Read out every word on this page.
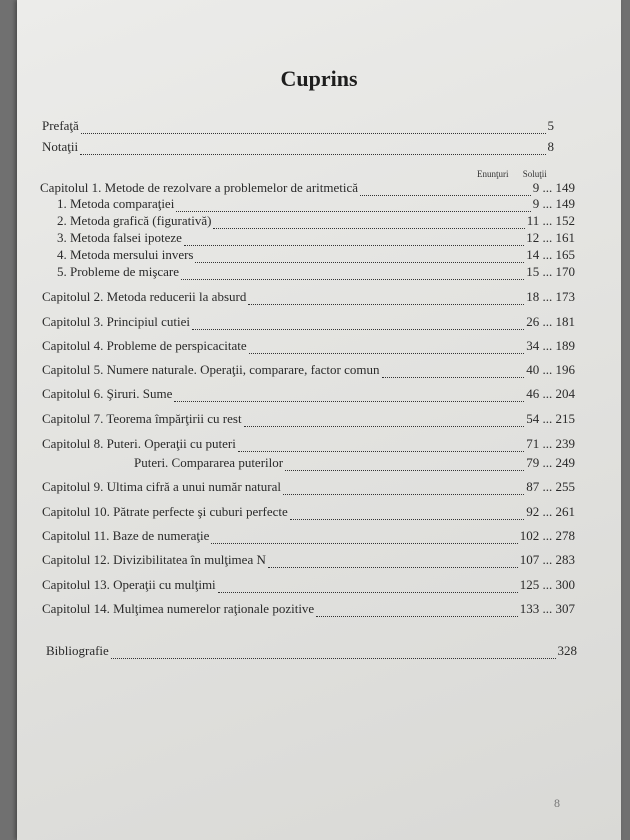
Cuprins
Prefaţă	5
Notaţii	8
Enunţuri Soluţii
Capitolul 1. Metode de rezolvare a problemelor de aritmetică	9 ... 149
1. Metoda comparaţiei	9 ... 149
2. Metoda grafică (figurativă)	11 ... 152
3. Metoda falsei ipoteze	12 ... 161
4. Metoda mersului invers	14 ... 165
5. Probleme de mişcare	15 ... 170
Capitolul 2. Metoda reducerii la absurd	18 ... 173
Capitolul 3. Principiul cutiei	26 ... 181
Capitolul 4. Probleme de perspicacitate	34 ... 189
Capitolul 5. Numere naturale. Operaţii, comparare, factor comun	40 ... 196
Capitolul 6. Şiruri. Sume	46 ... 204
Capitolul 7. Teorema împărţirii cu rest	54 ... 215
Capitolul 8. Puteri. Operaţii cu puteri	71 ... 239
Puteri. Compararea puterilor	79 ... 249
Capitolul 9. Ultima cifră a unui număr natural	87 ... 255
Capitolul 10. Pătrate perfecte şi cuburi perfecte	92 ... 261
Capitolul 11. Baze de numeraţie	102 ... 278
Capitolul 12. Divizibilitatea în mulţimea N	107 ... 283
Capitolul 13. Operaţii cu mulţimi	125 ... 300
Capitolul 14. Mulţimea numerelor raţionale pozitive	133 ... 307
Bibliografie	328
8
